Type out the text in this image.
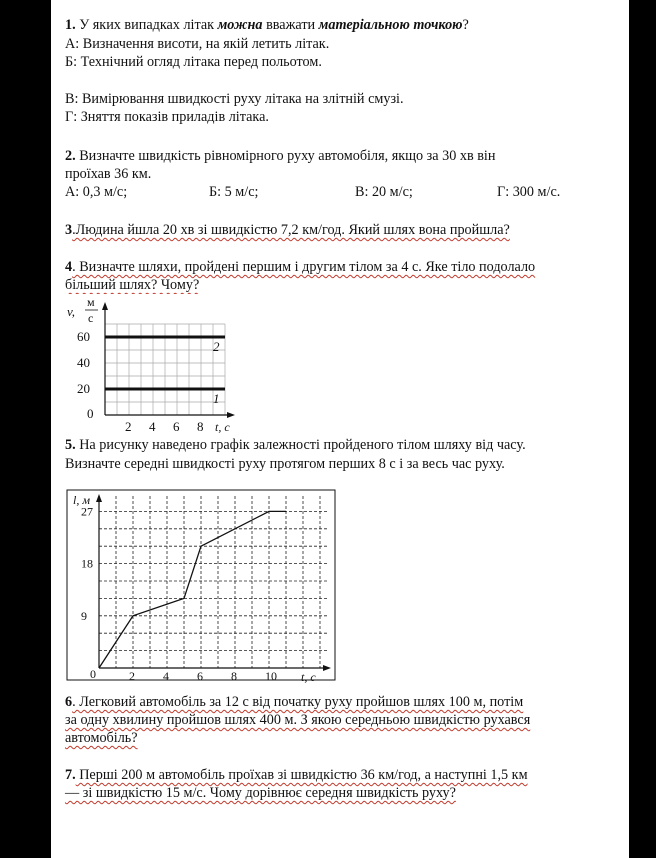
1. У яких випадках літак можна вважати матеріальною точкою?
А: Визначення висоти, на якій летить літак.
Б: Технічний огляд літака перед польотом.
В: Вимірювання швидкості руху літака на злітній смузі.
Г: Зняття показів приладів літака.
2. Визначте швидкість рівномірного руху автомобіля, якщо за 30 хв він
проїхав 36 км.
А: 0,3 м/с;	Б: 5 м/с;	В: 20 м/с;	Г: 300 м/с.
3.Людина йшла 20 хв зі швидкістю 7,2 км/год. Який шлях вона пройшла?
4. Визначте шляхи, пройдені першим і другим тілом за 4 с. Яке тіло подолало
більший шлях? Чому?
1
2
v,
м
с
0
t, с
20
40
60
2 4 6 8
5. На рисунку наведено графік залежності пройденого тілом шляху від часу.
Визначте середні швидкості руху протягом перших 8 с і за весь час руху.
l, м
0	t, с
9
18
27
2 4 6 8 10
6. Легковий автомобіль за 12 с від початку руху пройшов шлях 100 м, потім
за одну хвилину пройшов шлях 400 м. З якою середньою швидкістю рухався
автомобіль?
7. Перші 200 м автомобіль проїхав зі швидкістю 36 км/год, а наступні 1,5 км
— зі швидкістю 15 м/с. Чому дорівнює середня швидкість руху?
